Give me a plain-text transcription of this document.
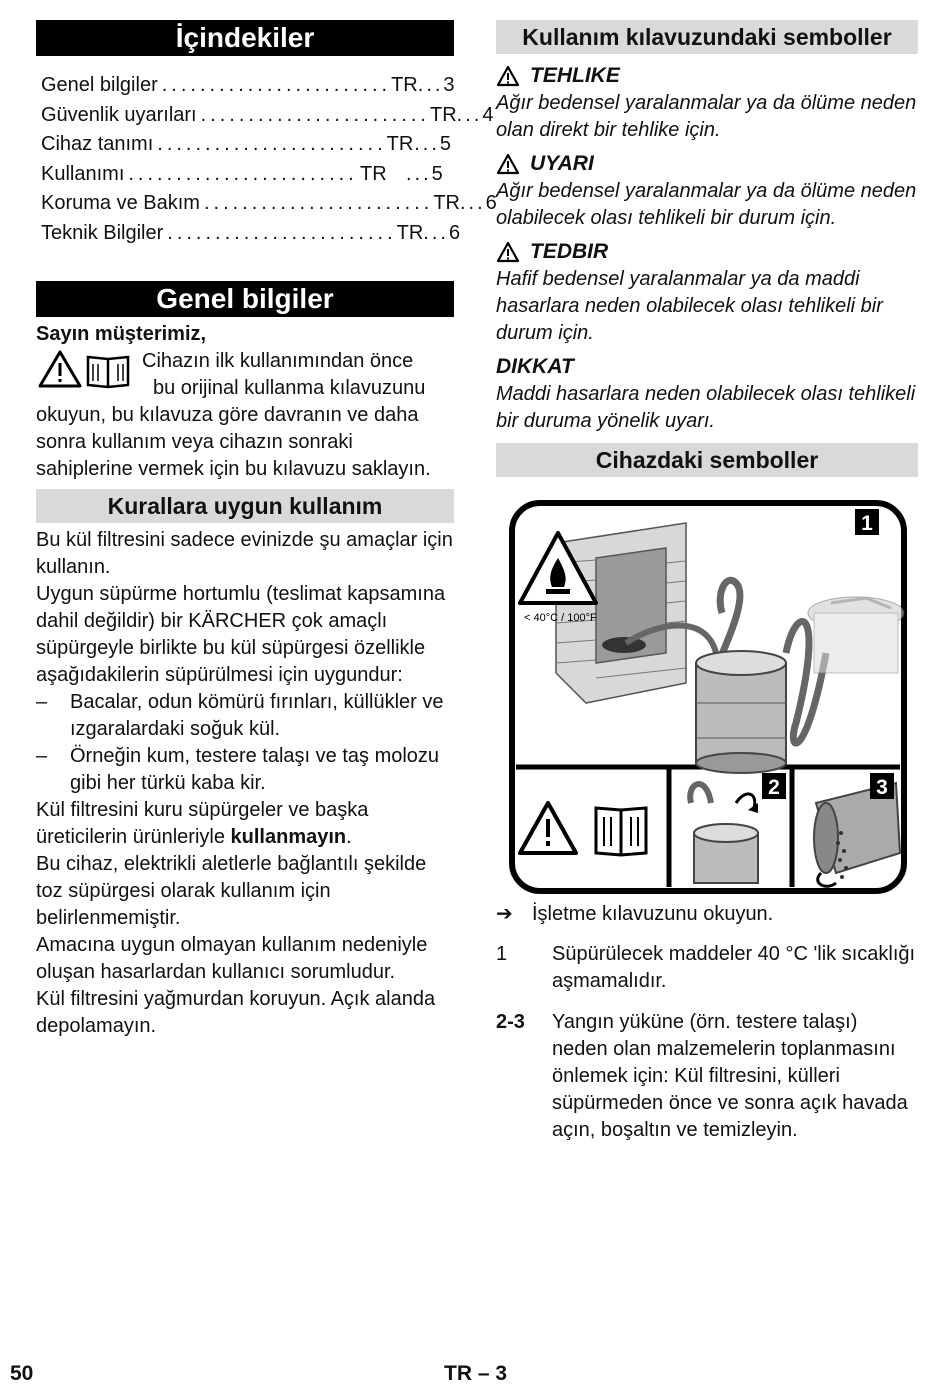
İçindekiler
Genel bilgiler ........................ TR ...3
Güvenlik uyarıları ........................ TR ...4
Cihaz tanımı ........................ TR ...5
Kullanımı ........................ TR ...5
Koruma ve Bakım ........................ TR ...6
Teknik Bilgiler ........................ TR ...6
Genel bilgiler

Sayın müşterimiz,

Cihazın ilk kullanımından önce

bu orijinal kullanma kılavuzunu

okuyun, bu kılavuza göre davranın ve daha sonra kullanım veya cihazın sonraki sahiplerine vermek için bu kılavuzu saklayın.

Kurallara uygun kullanım

Bu kül filtresini sadece evinizde şu amaçlar için kullanın.

Uygun süpürme hortumlu (teslimat kapsamına dahil değildir) bir KÄRCHER çok amaçlı süpürgeyle birlikte bu kül süpürgesi özellikle aşağıdakilerin süpürülmesi için uygundur:

–	Bacalar, odun kömürü fırınları, küllükler ve ızgaralardaki soğuk kül.
–	Örneğin kum, testere talaşı ve taş molozu gibi her türkü kaba kir.

Kül filtresini kuru süpürgeler ve başka üreticilerin ürünleriyle kullanmayın.

Bu cihaz, elektrikli aletlerle bağlantılı şekilde toz süpürgesi olarak kullanım için belirlenmemiştir.

Amacına uygun olmayan kullanım nedeniyle oluşan hasarlardan kullanıcı sorumludur.

Kül filtresini yağmurdan koruyun. Açık alanda depolamayın.

Kullanım kılavuzundaki semboller
TEHLIKE

Ağır bedensel yaralanmalar ya da ölüme neden olan direkt bir tehlike için.

UYARI

Ağır bedensel yaralanmalar ya da ölüme neden olabilecek olası tehlikeli bir durum için.

TEDBIR

Hafif bedensel yaralanmalar ya da maddi hasarlara neden olabilecek olası tehlikeli bir durum için.

DIKKAT

Maddi hasarlara neden olabilecek olası tehlikeli bir duruma yönelik uyarı.

Cihazdaki semboller
< 40°C / 100°F
1
2	3
➔ İşletme kılavuzunu okuyun.
1	Süpürülecek maddeler 40 °C 'lik sıcaklığı aşmamalıdır.
2-3	Yangın yüküne (örn. testere talaşı) neden olan malzemelerin toplanmasını önlemek için: Kül filtresini, külleri süpürmeden önce ve sonra açık havada açın, boşaltın ve temizleyin.
50	TR – 3
